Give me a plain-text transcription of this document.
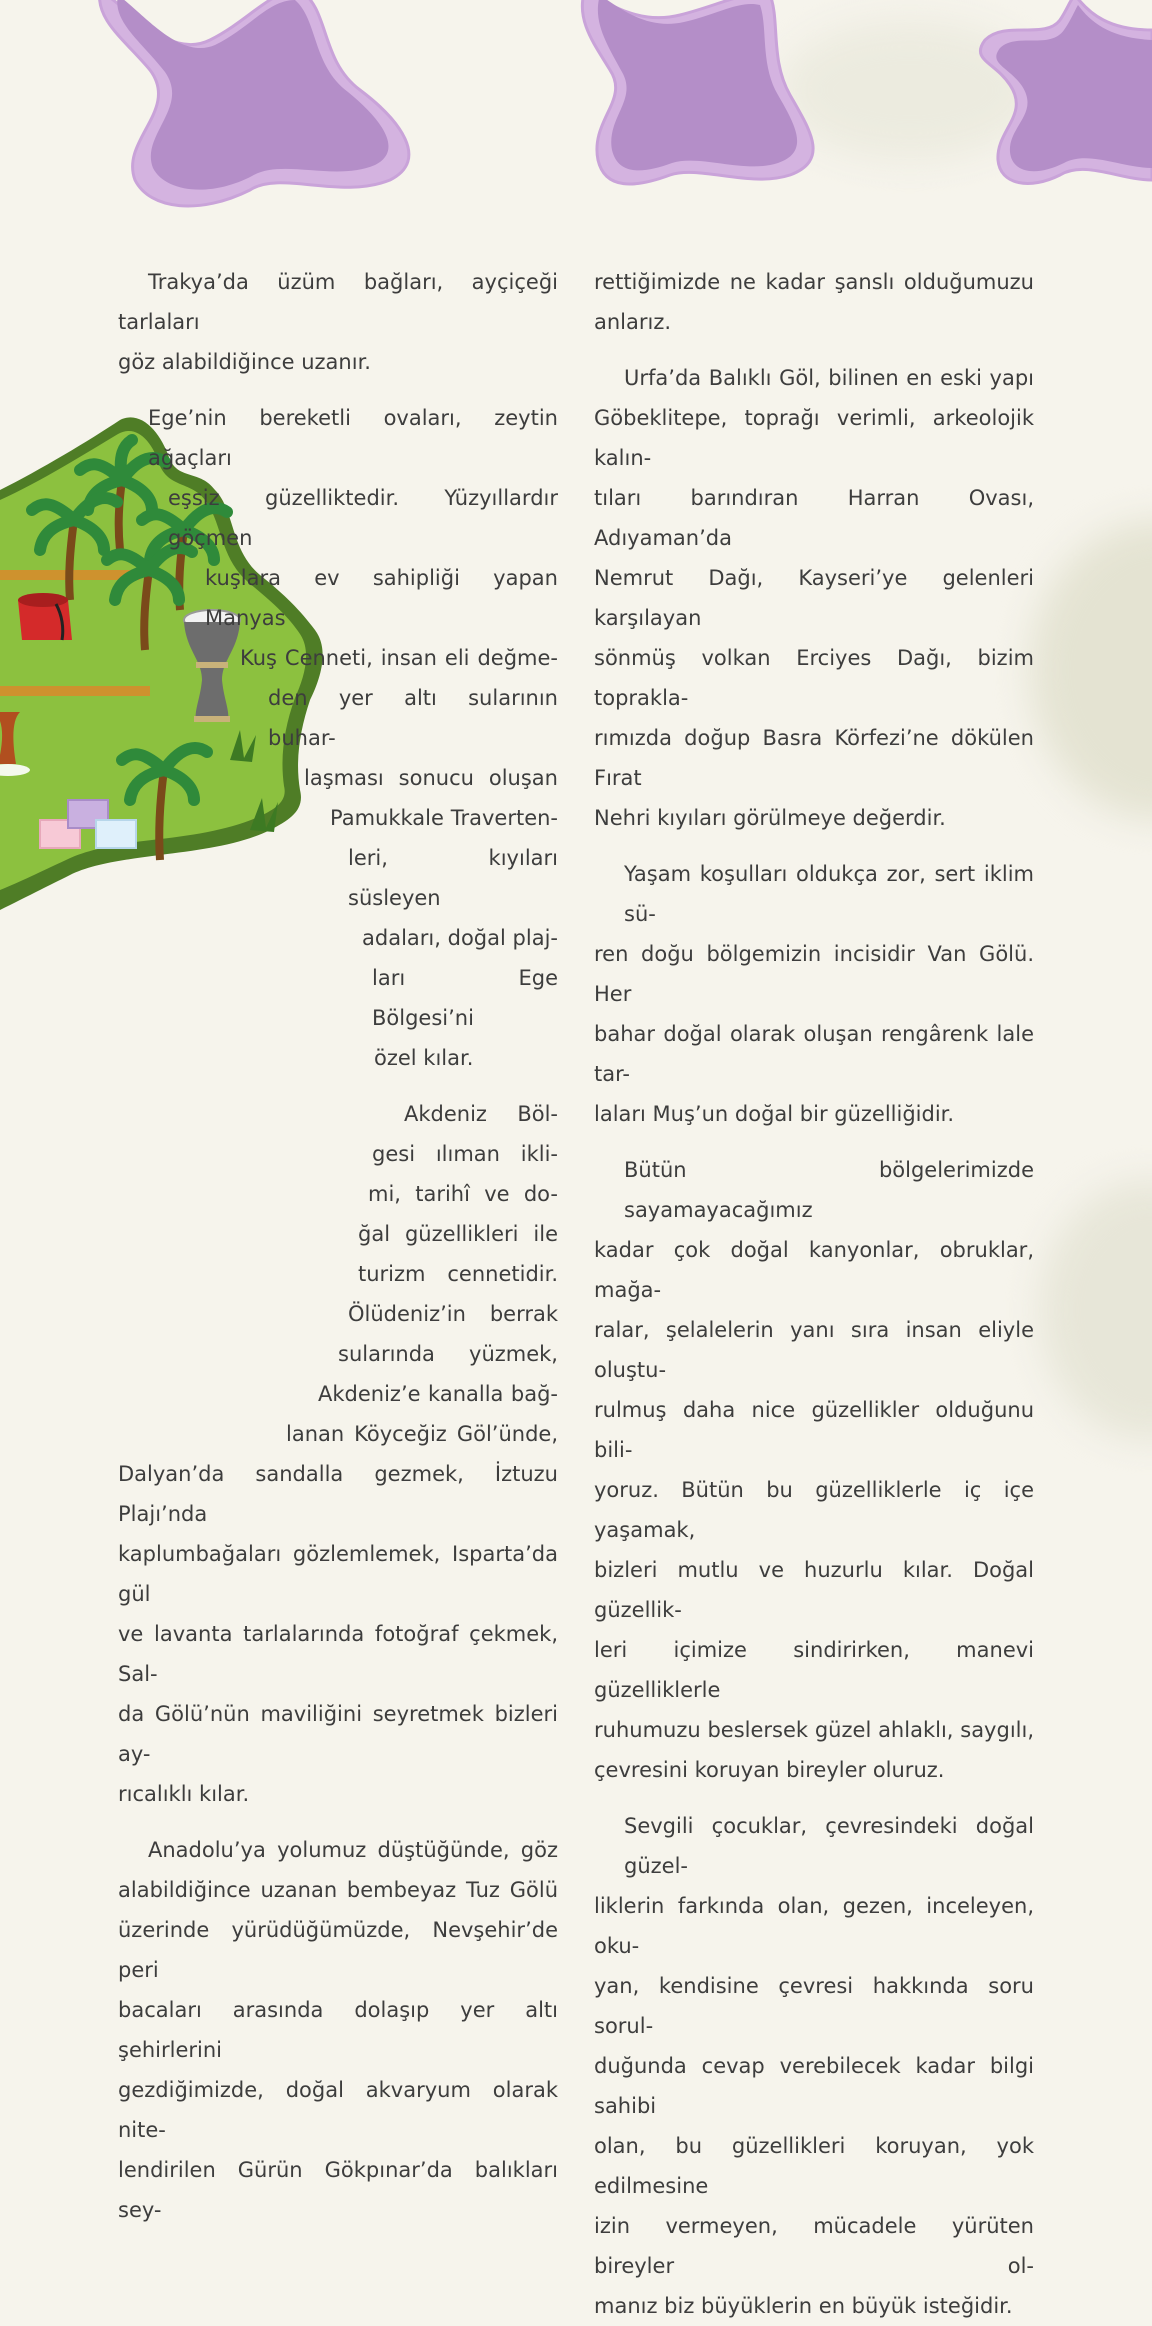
Trakya’da üzüm bağları, ayçiçeği tarlaları
göz alabildiğince uzanır.

Ege’nin bereketli ovaları, zeytin ağaçları
eşsiz güzelliktedir. Yüzyıllardır göçmen
kuşlara ev sahipliği yapan Manyas
Kuş Cenneti, insan eli değme-
den yer altı sularının buhar-
laşması sonucu oluşan
Pamukkale Traverten-
leri, kıyıları süsleyen
adaları, doğal plaj-
ları Ege Bölgesi’ni
özel kılar.

Akdeniz Böl-
gesi ılıman ikli-
mi, tarihî ve do-
ğal güzellikleri ile
turizm cennetidir.
Ölüdeniz’in berrak
sularında yüzmek,
Akdeniz’e kanalla bağ-
lanan Köyceğiz Göl’ünde,
Dalyan’da sandalla gezmek, İztuzu Plajı’nda
kaplumbağaları gözlemlemek, Isparta’da gül
ve lavanta tarlalarında fotoğraf çekmek, Sal-
da Gölü’nün maviliğini seyretmek bizleri ay-
rıcalıklı kılar.

Anadolu’ya yolumuz düştüğünde, göz
alabildiğince uzanan bembeyaz Tuz Gölü
üzerinde yürüdüğümüzde, Nevşehir’de peri
bacaları arasında dolaşıp yer altı şehirlerini
gezdiğimizde, doğal akvaryum olarak nite-
lendirilen Gürün Gökpınar’da balıkları sey-

rettiğimizde ne kadar şanslı olduğumuzu
anlarız.

Urfa’da Balıklı Göl, bilinen en eski yapı
Göbeklitepe, toprağı verimli, arkeolojik kalın-
tıları barındıran Harran Ovası, Adıyaman’da
Nemrut Dağı, Kayseri’ye gelenleri karşılayan
sönmüş volkan Erciyes Dağı, bizim toprakla-
rımızda doğup Basra Körfezi’ne dökülen Fırat
Nehri kıyıları görülmeye değerdir.

Yaşam koşulları oldukça zor, sert iklim sü-
ren doğu bölgemizin incisidir Van Gölü. Her
bahar doğal olarak oluşan rengârenk lale tar-
laları Muş’un doğal bir güzelliğidir.

Bütün bölgelerimizde sayamayacağımız
kadar çok doğal kanyonlar, obruklar, mağa-
ralar, şelalelerin yanı sıra insan eliyle oluştu-
rulmuş daha nice güzellikler olduğunu bili-
yoruz. Bütün bu güzelliklerle iç içe yaşamak,
bizleri mutlu ve huzurlu kılar. Doğal güzellik-
leri içimize sindirirken, manevi güzelliklerle
ruhumuzu beslersek güzel ahlaklı, saygılı,
çevresini koruyan bireyler oluruz.

Sevgili çocuklar, çevresindeki doğal güzel-
liklerin farkında olan, gezen, inceleyen, oku-
yan, kendisine çevresi hakkında soru sorul-
duğunda cevap verebilecek kadar bilgi sahibi
olan, bu güzellikleri koruyan, yok edilmesine
izin vermeyen, mücadele yürüten bireyler ol-
manız biz büyüklerin en büyük isteğidir.
